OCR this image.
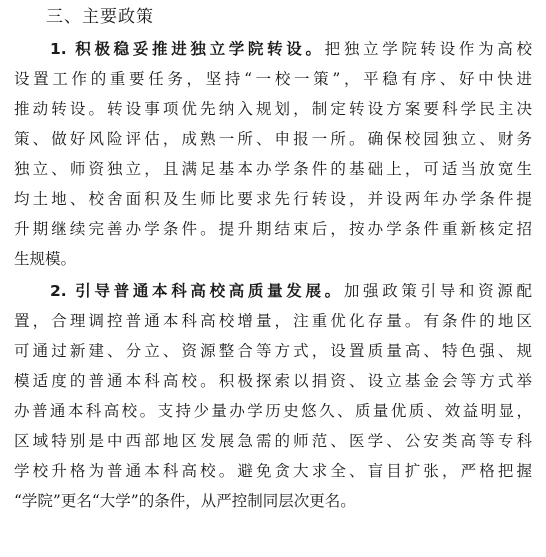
三、主要政策
1. 积极稳妥推进独立学院转设。把独立学院转设作为高校
设置工作的重要任务，坚持“一校一策”，平稳有序、好中快进
推动转设。转设事项优先纳入规划，制定转设方案要科学民主决
策、做好风险评估，成熟一所、申报一所。确保校园独立、财务
独立、师资独立，且满足基本办学条件的基础上，可适当放宽生
均土地、校舍面积及生师比要求先行转设，并设两年办学条件提
升期继续完善办学条件。提升期结束后，按办学条件重新核定招
生规模。
2. 引导普通本科高校高质量发展。加强政策引导和资源配
置，合理调控普通本科高校增量，注重优化存量。有条件的地区
可通过新建、分立、资源整合等方式，设置质量高、特色强、规
模适度的普通本科高校。积极探索以捐资、设立基金会等方式举
办普通本科高校。支持少量办学历史悠久、质量优质、效益明显，
区域特别是中西部地区发展急需的师范、医学、公安类高等专科
学校升格为普通本科高校。避免贪大求全、盲目扩张，严格把握
“学院”更名“大学”的条件，从严控制同层次更名。
